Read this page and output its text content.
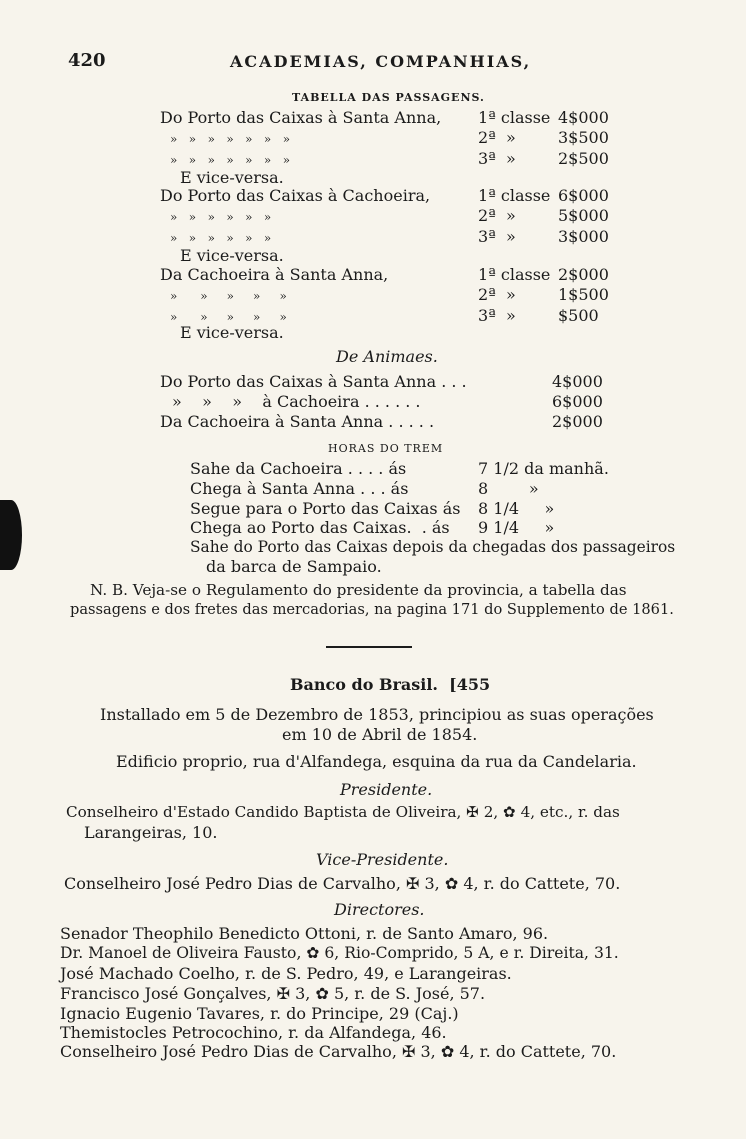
420	ACADEMIAS, COMPANHIAS,
TABELLA DAS PASSAGENS.
Do Porto das Caixas à Santa Anna, 1ª classe 4$000
»   »   »   »   »   »   »	2ª  »	3$500
»   »   »   »   »   »   »	3ª  »	2$500
E vice-versa.
Do Porto das Caixas à Cachoeira,	1ª classe 6$000
»   »   »   »   »   »	2ª  »	5$000
»   »   »   »   »   »	3ª  »	3$000
E vice-versa.
Da Cachoeira à Santa Anna,	1ª classe 2$000
»      »     »     »     »	2ª  »	1$500
»      »     »     »     »	3ª  »	$500
E vice-versa.
De Animaes.
Do Porto das Caixas à Santa Anna . . .	4$000
»    »    »    à Cachoeira . . . . . .	6$000
Da Cachoeira à Santa Anna . . . . .	2$000
HORAS DO TREM
Sahe da Cachoeira . . . . ás	7 1/2 da manhã.
Chega à Santa Anna . . . ás	8        »
Segue para o Porto das Caixas ás 8 1/4     »
Chega ao Porto das Caixas.  . ás 9 1/4     »
Sahe do Porto das Caixas depois da chegadas dos passageiros
da barca de Sampaio.
N. B. Veja-se o Regulamento do presidente da provincia, a tabella das
passagens e dos fretes das mercadorias, na pagina 171 do Supplemento de 1861.
Banco do Brasil.  [455
Installado em 5 de Dezembro de 1853, principiou as suas operações
em 10 de Abril de 1854.
Edificio proprio, rua d'Alfandega, esquina da rua da Candelaria.
Presidente.
Conselheiro d'Estado Candido Baptista de Oliveira, ✠ 2, ✿ 4, etc., r. das
Larangeiras, 10.
Vice-Presidente.
Conselheiro José Pedro Dias de Carvalho, ✠ 3, ✿ 4, r. do Cattete, 70.
Directores.
Senador Theophilo Benedicto Ottoni, r. de Santo Amaro, 96.
Dr. Manoel de Oliveira Fausto, ✿ 6, Rio-Comprido, 5 A, e r. Direita, 31.
José Machado Coelho, r. de S. Pedro, 49, e Larangeiras.
Francisco José Gonçalves, ✠ 3, ✿ 5, r. de S. José, 57.
Ignacio Eugenio Tavares, r. do Principe, 29 (Caj.)
Themistocles Petrocochino, r. da Alfandega, 46.
Conselheiro José Pedro Dias de Carvalho, ✠ 3, ✿ 4, r. do Cattete, 70.
